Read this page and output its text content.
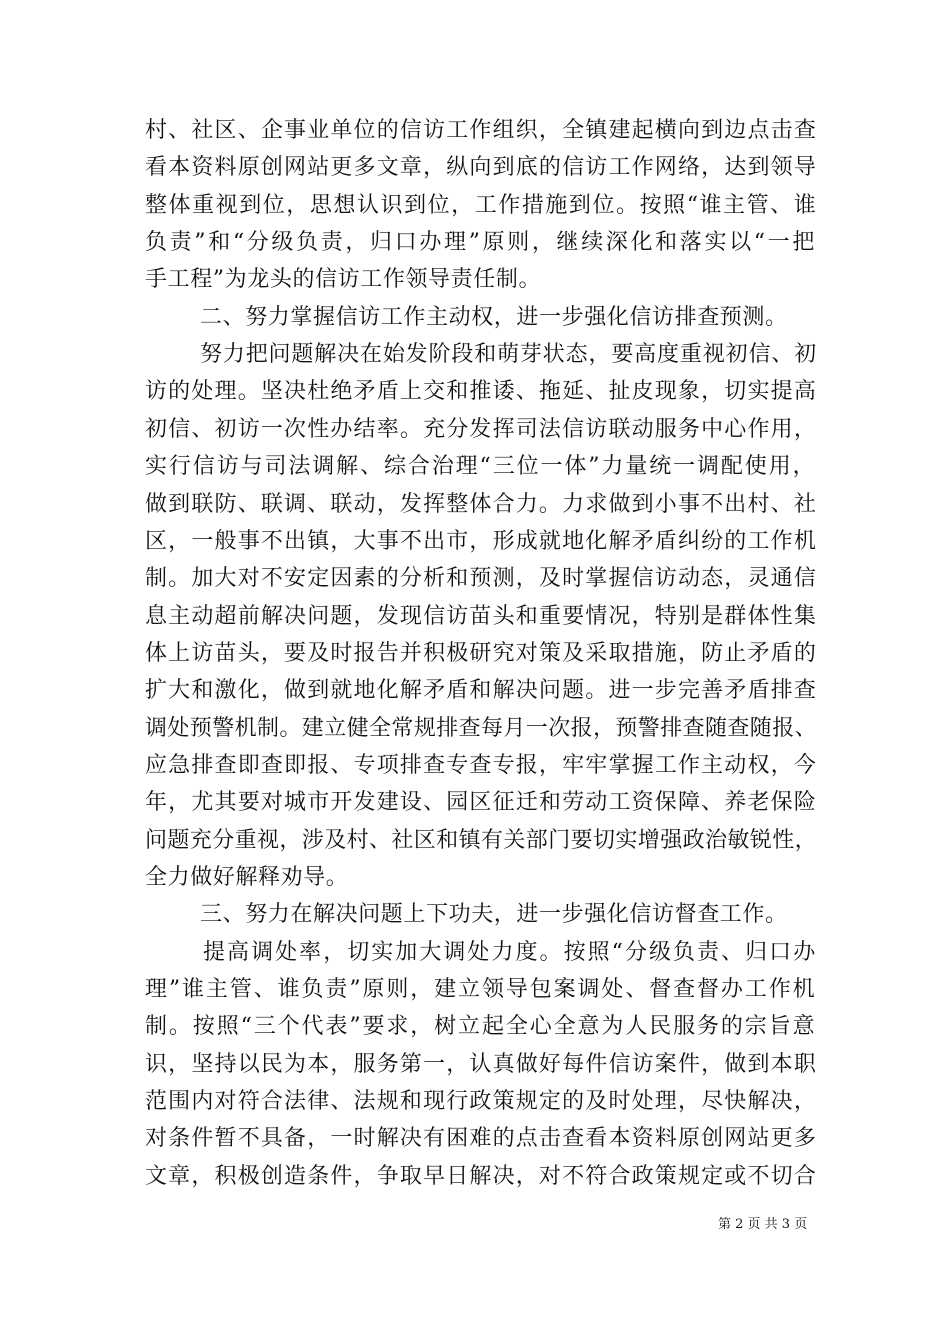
村、社区、企事业单位的信访工作组织，全镇建起横向到边点击查
看本资料原创网站更多文章，纵向到底的信访工作网络，达到领导
整体重视到位，思想认识到位，工作措施到位。按照“谁主管、谁
负责”和“分级负责，归口办理”原则，继续深化和落实以“一把
手工程”为龙头的信访工作领导责任制。
二、努力掌握信访工作主动权，进一步强化信访排查预测。
努力把问题解决在始发阶段和萌芽状态，要高度重视初信、初
访的处理。坚决杜绝矛盾上交和推诿、拖延、扯皮现象，切实提高
初信、初访一次性办结率。充分发挥司法信访联动服务中心作用，
实行信访与司法调解、综合治理“三位一体”力量统一调配使用，
做到联防、联调、联动，发挥整体合力。力求做到小事不出村、社
区，一般事不出镇，大事不出市，形成就地化解矛盾纠纷的工作机
制。加大对不安定因素的分析和预测，及时掌握信访动态，灵通信
息主动超前解决问题，发现信访苗头和重要情况，特别是群体性集
体上访苗头，要及时报告并积极研究对策及采取措施，防止矛盾的
扩大和激化，做到就地化解矛盾和解决问题。进一步完善矛盾排查
调处预警机制。建立健全常规排查每月一次报，预警排查随查随报、
应急排查即查即报、专项排查专查专报，牢牢掌握工作主动权，今
年，尤其要对城市开发建设、园区征迁和劳动工资保障、养老保险
问题充分重视，涉及村、社区和镇有关部门要切实增强政治敏锐性，
全力做好解释劝导。
三、努力在解决问题上下功夫，进一步强化信访督查工作。
提高调处率，切实加大调处力度。按照“分级负责、归口办
理”谁主管、谁负责”原则，建立领导包案调处、督查督办工作机
制。按照“三个代表”要求，树立起全心全意为人民服务的宗旨意
识，坚持以民为本，服务第一，认真做好每件信访案件，做到本职
范围内对符合法律、法规和现行政策规定的及时处理，尽快解决，
对条件暂不具备，一时解决有困难的点击查看本资料原创网站更多
文章，积极创造条件，争取早日解决，对不符合政策规定或不切合
第 2 页 共 3 页
